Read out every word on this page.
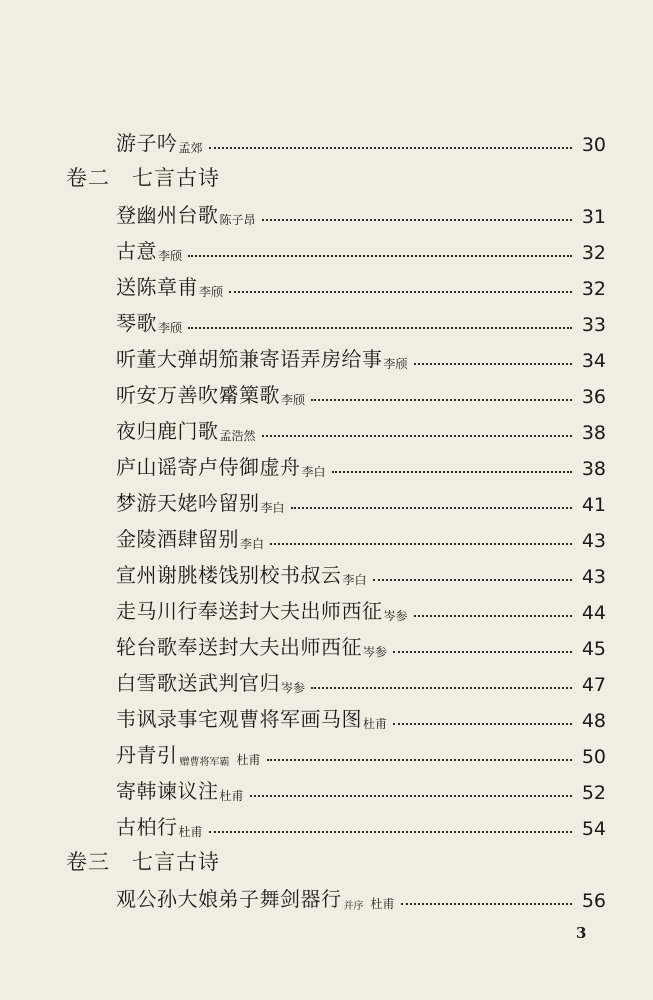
游子吟 孟郊	30
卷二 七言古诗
登幽州台歌 陈子昂	31
古意 李颀	32
送陈章甫 李颀	32
琴歌 李颀	33
听董大弹胡笳兼寄语弄房给事 李颀	34
听安万善吹觱篥歌 李颀	36
夜归鹿门歌 孟浩然	38
庐山谣寄卢侍御虚舟 李白	38
梦游天姥吟留别 李白	41
金陵酒肆留别 李白	43
宣州谢朓楼饯别校书叔云 李白	43
走马川行奉送封大夫出师西征 岑参	44
轮台歌奉送封大夫出师西征 岑参	45
白雪歌送武判官归 岑参	47
韦讽录事宅观曹将军画马图 杜甫	48
丹青引 赠曹将军霸 杜甫	50
寄韩谏议注 杜甫	52
古柏行 杜甫	54
卷三 七言古诗
观公孙大娘弟子舞剑器行 并序 杜甫	56
3
